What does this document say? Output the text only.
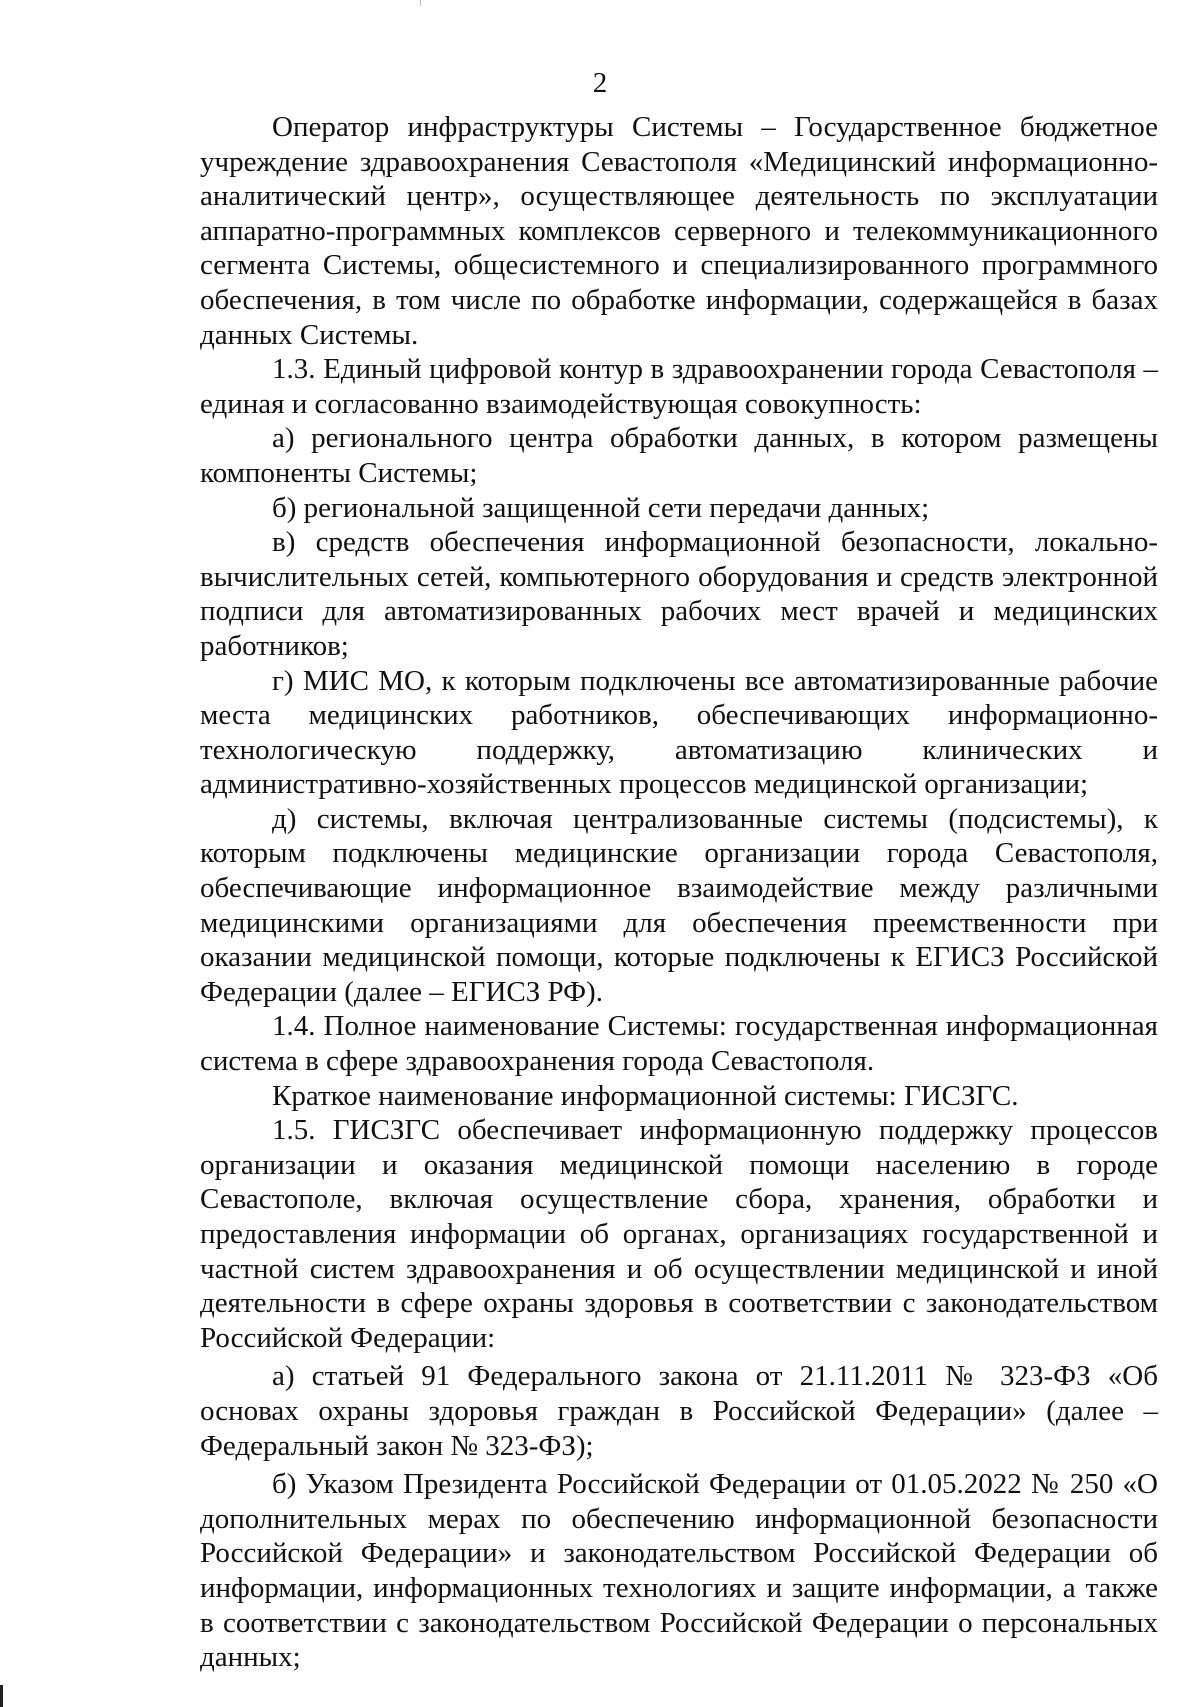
2

Оператор инфраструктуры Системы – Государственное бюджетное учреждение здравоохранения Севастополя «Медицинский информационно-аналитический центр», осуществляющее деятельность по эксплуатации аппаратно-программных комплексов серверного и телекоммуникационного сегмента Системы, общесистемного и специализированного программного обеспечения, в том числе по обработке информации, содержащейся в базах данных Системы.

1.3. Единый цифровой контур в здравоохранении города Севастополя – единая и согласованно взаимодействующая совокупность:

а) регионального центра обработки данных, в котором размещены компоненты Системы;

б) региональной защищенной сети передачи данных;

в) средств обеспечения информационной безопасности, локально-вычислительных сетей, компьютерного оборудования и средств электронной подписи для автоматизированных рабочих мест врачей и медицинских работников;

г) МИС МО, к которым подключены все автоматизированные рабочие места медицинских работников, обеспечивающих информационно-технологическую поддержку, автоматизацию клинических и административно-хозяйственных процессов медицинской организации;

д) системы, включая централизованные системы (подсистемы), к которым подключены медицинские организации города Севастополя, обеспечивающие информационное взаимодействие между различными медицинскими организациями для обеспечения преемственности при оказании медицинской помощи, которые подключены к ЕГИСЗ Российской Федерации (далее – ЕГИСЗ РФ).

1.4. Полное наименование Системы: государственная информационная система в сфере здравоохранения города Севастополя.

Краткое наименование информационной системы: ГИСЗГС.

1.5. ГИСЗГС обеспечивает информационную поддержку процессов организации и оказания медицинской помощи населению в городе Севастополе, включая осуществление сбора, хранения, обработки и предоставления информации об органах, организациях государственной и частной систем здравоохранения и об осуществлении медицинской и иной деятельности в сфере охраны здоровья в соответствии с законодательством Российской Федерации:

а) статьей 91 Федерального закона от 21.11.2011 № 323-ФЗ «Об основах охраны здоровья граждан в Российской Федерации» (далее – Федеральный закон № 323-ФЗ);

б) Указом Президента Российской Федерации от 01.05.2022 № 250 «О дополнительных мерах по обеспечению информационной безопасности Российской Федерации» и законодательством Российской Федерации об информации, информационных технологиях и защите информации, а также в соответствии с законодательством Российской Федерации о персональных данных;
